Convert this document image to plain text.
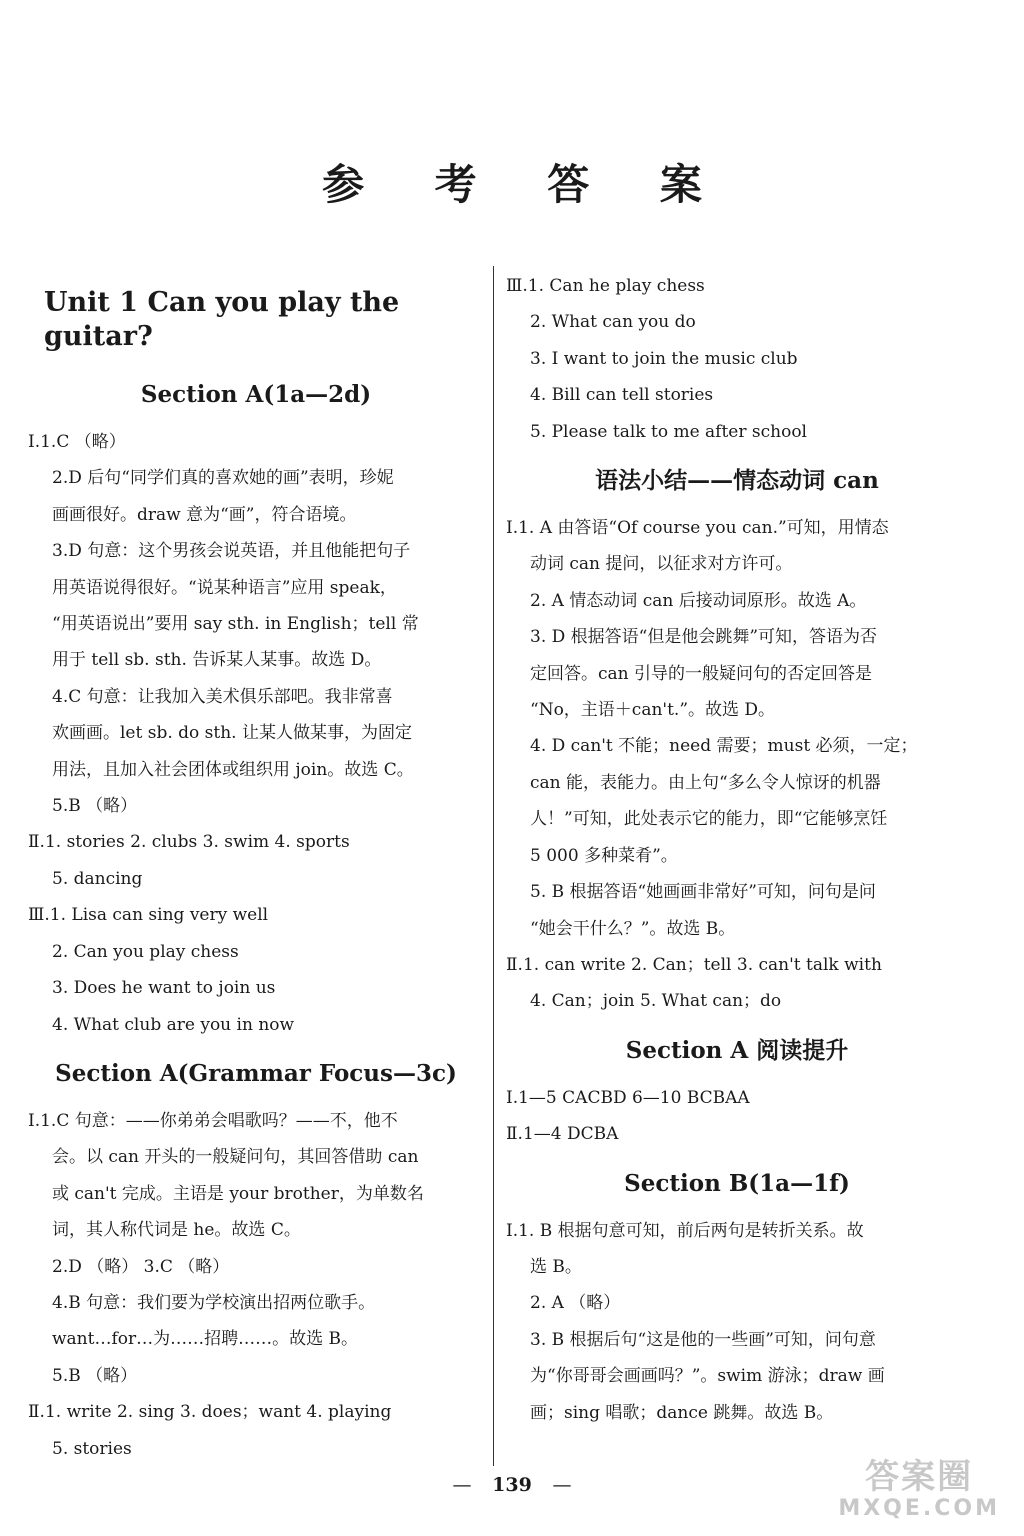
参 考 答 案
Unit 1 Can you play the guitar?
Section A(1a—2d)
Ⅰ.1.C （略）
2.D 后句“同学们真的喜欢她的画”表明，珍妮
画画很好。draw 意为“画”，符合语境。
3.D 句意：这个男孩会说英语，并且他能把句子
用英语说得很好。“说某种语言”应用 speak，
“用英语说出”要用 say sth. in English；tell 常
用于 tell sb. sth. 告诉某人某事。故选 D。
4.C 句意：让我加入美术俱乐部吧。我非常喜
欢画画。let sb. do sth. 让某人做某事，为固定
用法，且加入社会团体或组织用 join。故选 C。
5.B （略）
Ⅱ.1. stories 2. clubs 3. swim 4. sports
5. dancing
Ⅲ.1. Lisa can sing very well
2. Can you play chess
3. Does he want to join us
4. What club are you in now
Section A(Grammar Focus—3c)
Ⅰ.1.C 句意：——你弟弟会唱歌吗？——不，他不
会。以 can 开头的一般疑问句，其回答借助 can
或 can't 完成。主语是 your brother，为单数名
词，其人称代词是 he。故选 C。
2.D （略） 3.C （略）
4.B 句意：我们要为学校演出招两位歌手。
want…for…为……招聘……。故选 B。
5.B （略）
Ⅱ.1. write 2. sing 3. does；want 4. playing
5. stories
Ⅲ.1. Can he play chess
2. What can you do
3. I want to join the music club
4. Bill can tell stories
5. Please talk to me after school
语法小结——情态动词 can
Ⅰ.1. A 由答语“Of course you can.”可知，用情态
动词 can 提问，以征求对方许可。
2. A 情态动词 can 后接动词原形。故选 A。
3. D 根据答语“但是他会跳舞”可知，答语为否
定回答。can 引导的一般疑问句的否定回答是
“No，主语＋can't.”。故选 D。
4. D can't 不能；need 需要；must 必须，一定；
can 能，表能力。由上句“多么令人惊讶的机器
人！”可知，此处表示它的能力，即“它能够烹饪
5 000 多种菜肴”。
5. B 根据答语“她画画非常好”可知，问句是问
“她会干什么？”。故选 B。
Ⅱ.1. can write 2. Can；tell 3. can't talk with
4. Can；join 5. What can；do
Section A 阅读提升
Ⅰ.1—5 CACBD 6—10 BCBAA
Ⅱ.1—4 DCBA
Section B(1a—1f)
Ⅰ.1. B 根据句意可知，前后两句是转折关系。故
选 B。
2. A （略）
3. B 根据后句“这是他的一些画”可知，问句意
为“你哥哥会画画吗？”。swim 游泳；draw 画
画；sing 唱歌；dance 跳舞。故选 B。
— 139 —	答案圈
MXQE.COM
